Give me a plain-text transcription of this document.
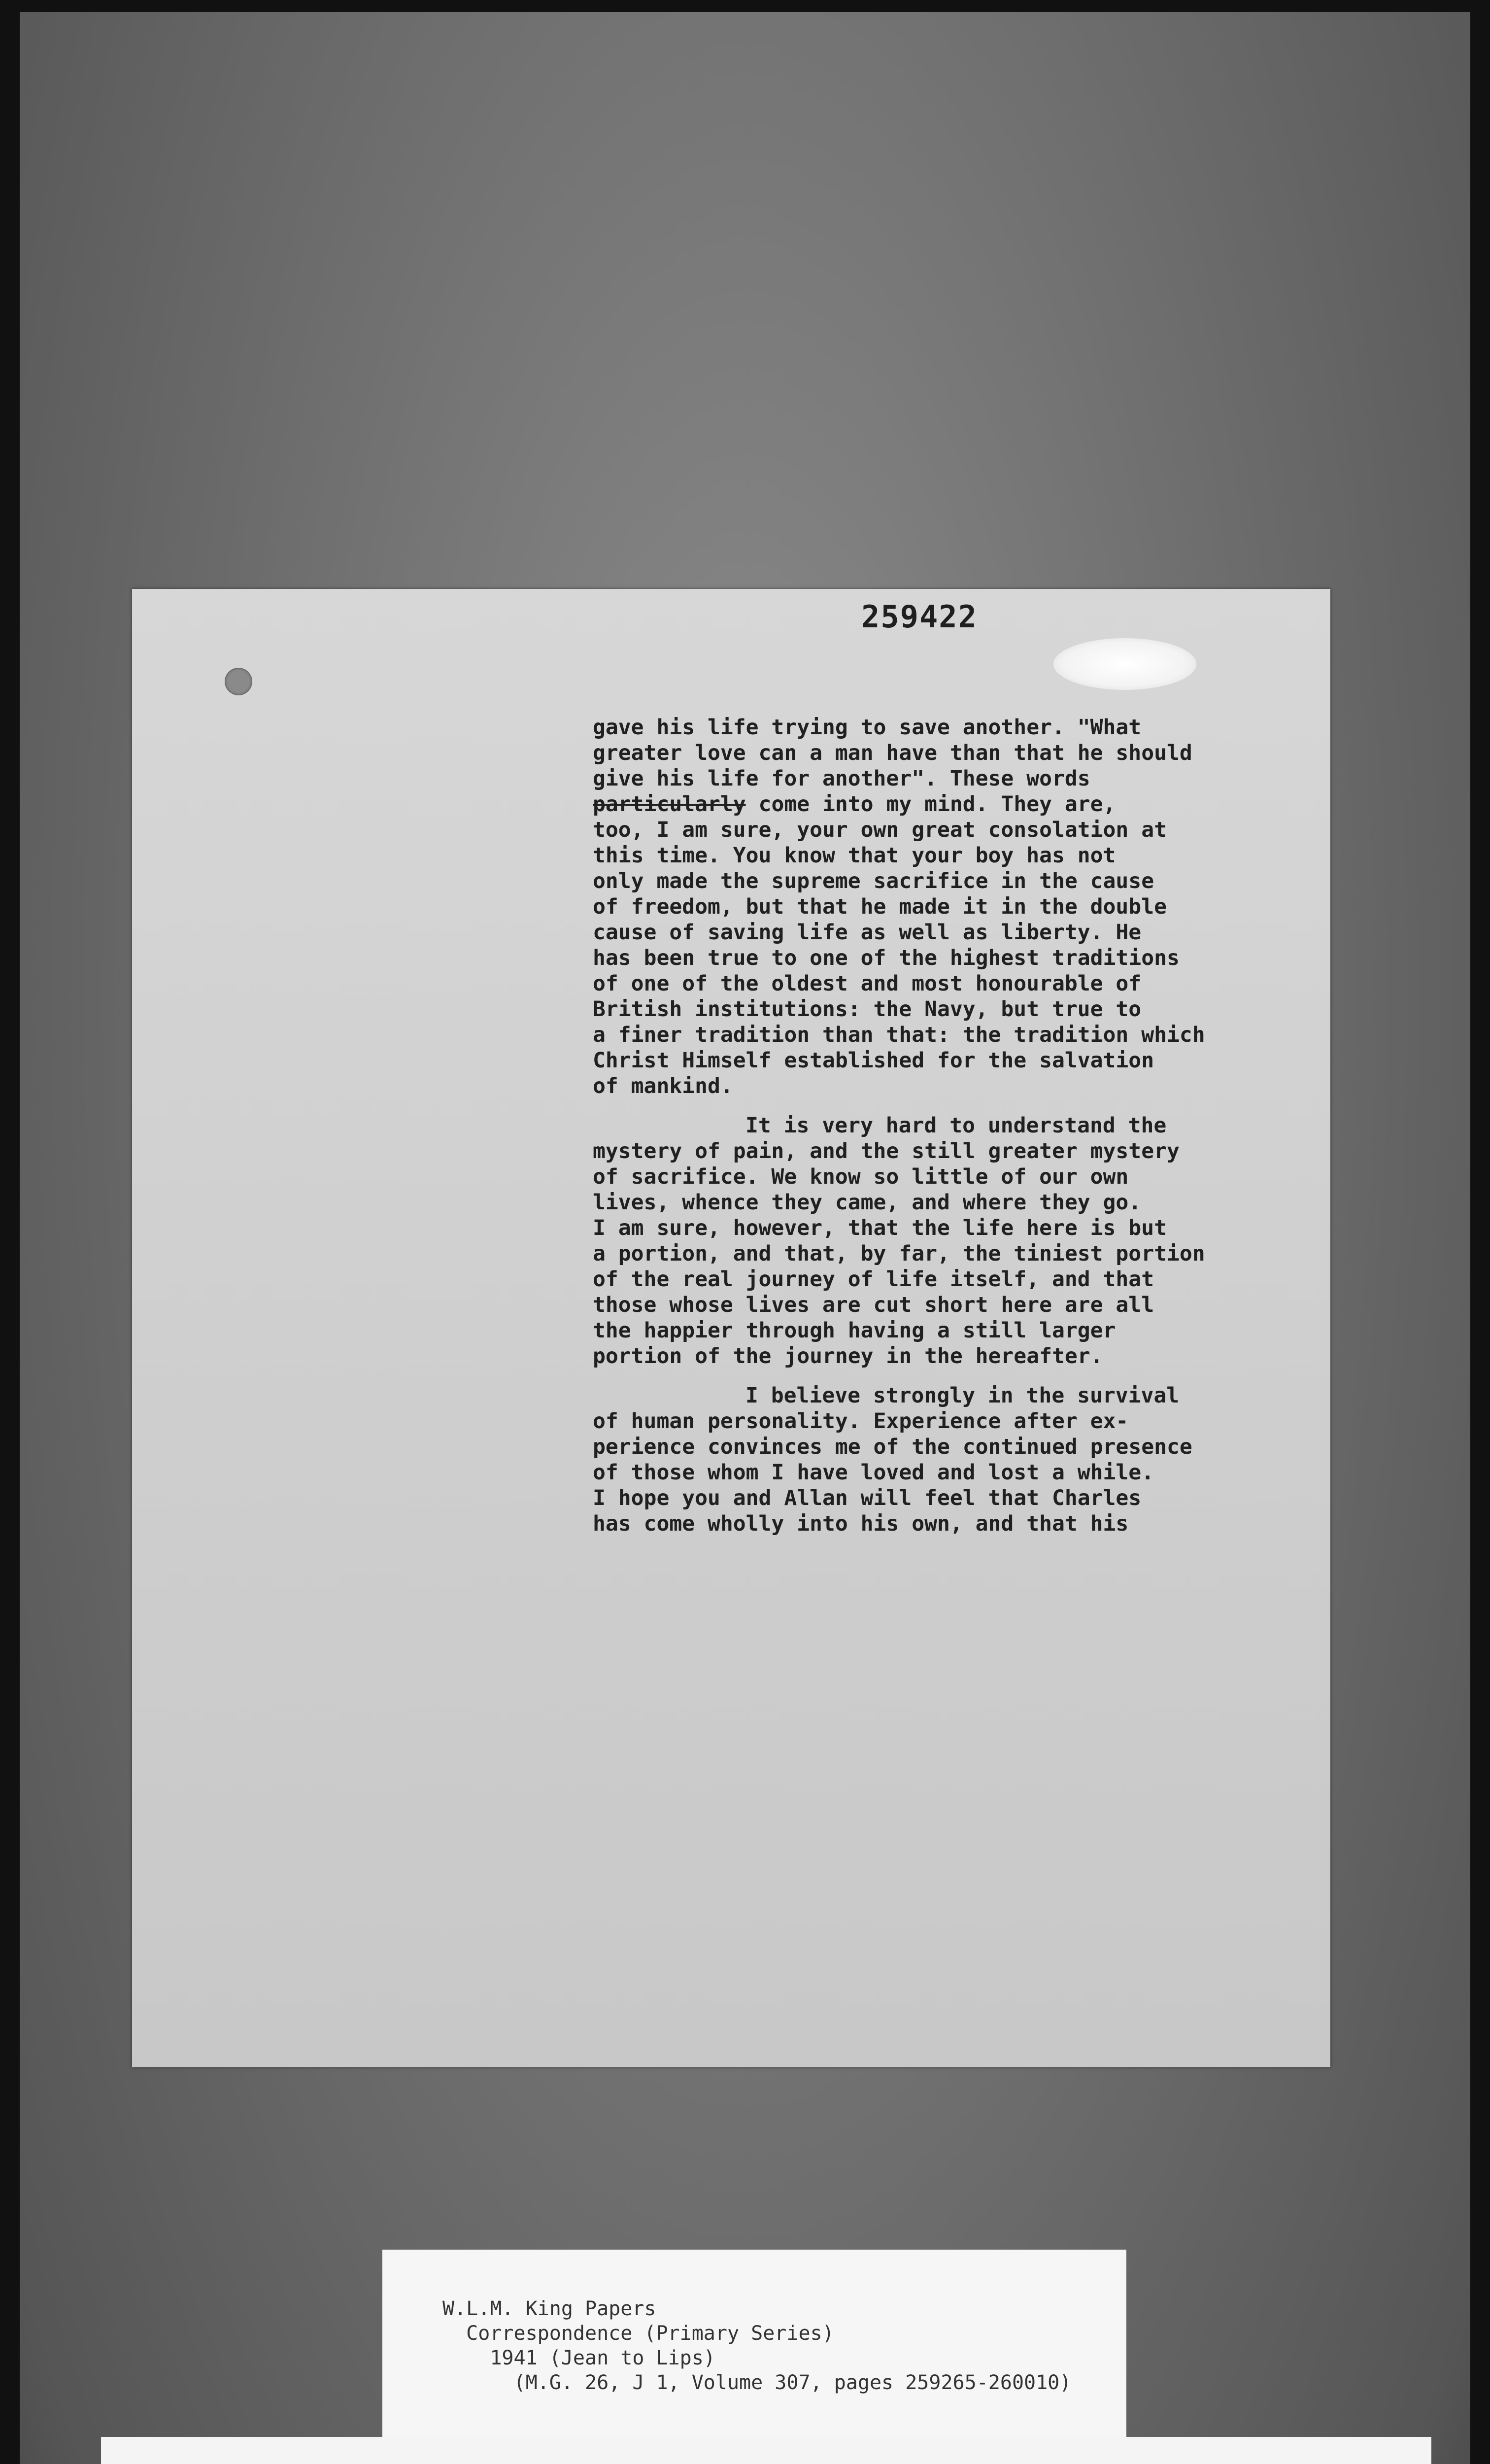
259422
gave his life trying to save another. "What
greater love can a man have than that he should
give his life for another". These words
particularly come into my mind. They are,
too, I am sure, your own great consolation at
this time. You know that your boy has not
only made the supreme sacrifice in the cause
of freedom, but that he made it in the double
cause of saving life as well as liberty. He
has been true to one of the highest traditions
of one of the oldest and most honourable of
British institutions: the Navy, but true to
a finer tradition than that: the tradition which
Christ Himself established for the salvation
of mankind.
It is very hard to understand the
mystery of pain, and the still greater mystery
of sacrifice. We know so little of our own
lives, whence they came, and where they go.
I am sure, however, that the life here is but
a portion, and that, by far, the tiniest portion
of the real journey of life itself, and that
those whose lives are cut short here are all
the happier through having a still larger
portion of the journey in the hereafter.
I believe strongly in the survival
of human personality. Experience after ex-
perience convinces me of the continued presence
of those whom I have loved and lost a while.
I hope you and Allan will feel that Charles
has come wholly into his own, and that his
W.L.M. King Papers
Correspondence (Primary Series)
1941 (Jean to Lips)
(M.G. 26, J 1, Volume 307, pages 259265-260010)
